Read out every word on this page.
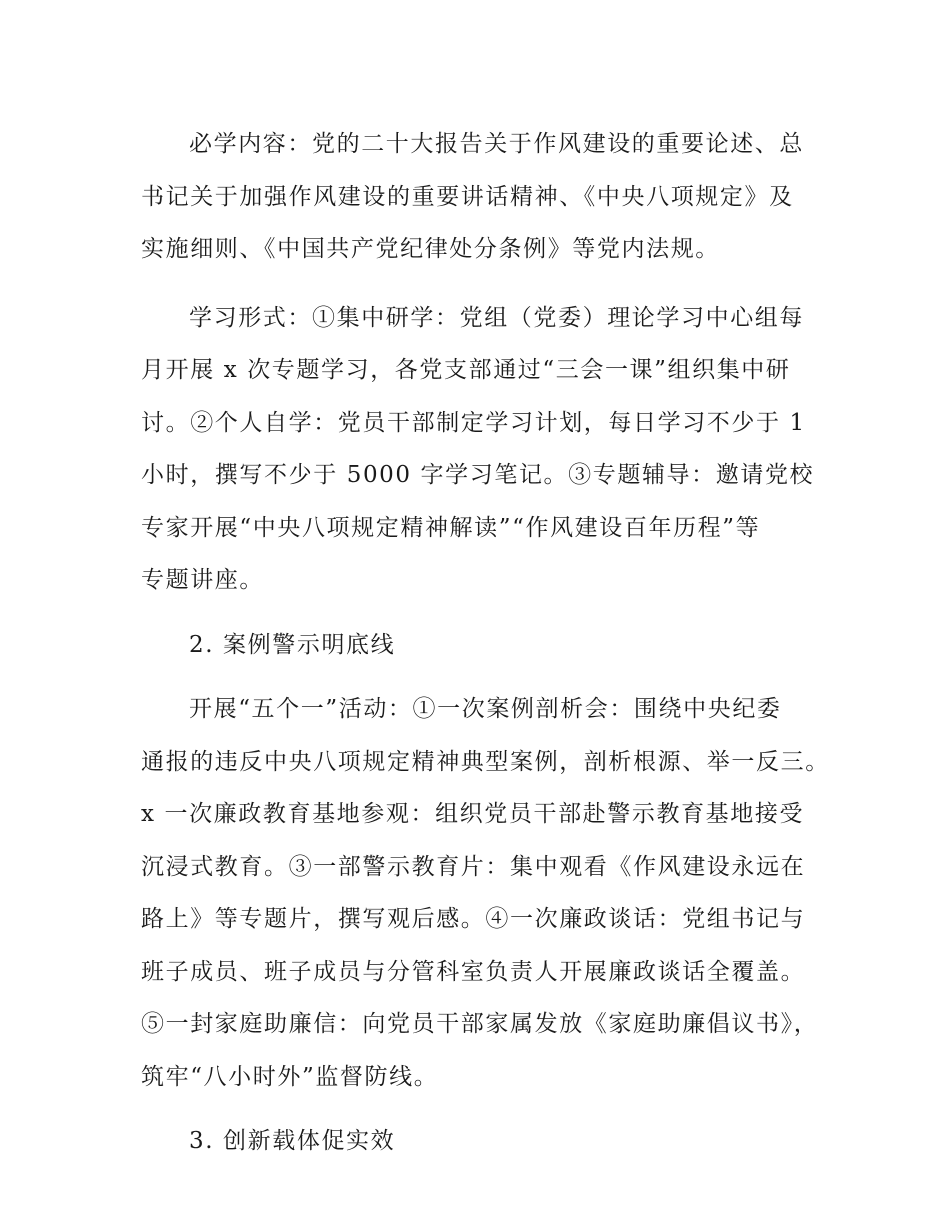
必学内容：党的二十大报告关于作风建设的重要论述、总
书记关于加强作风建设的重要讲话精神、《中央八项规定》及
实施细则、《中国共产党纪律处分条例》等党内法规。
学习形式：①集中研学：党组（党委）理论学习中心组每
月开展 x 次专题学习，各党支部通过“三会一课”组织集中研
讨。②个人自学：党员干部制定学习计划，每日学习不少于 1
小时，撰写不少于 5000 字学习笔记。③专题辅导：邀请党校
专家开展“中央八项规定精神解读”“作风建设百年历程”等
专题讲座。
2. 案例警示明底线
开展“五个一”活动：①一次案例剖析会：围绕中央纪委
通报的违反中央八项规定精神典型案例，剖析根源、举一反三。
x 一次廉政教育基地参观：组织党员干部赴警示教育基地接受
沉浸式教育。③一部警示教育片：集中观看《作风建设永远在
路上》等专题片，撰写观后感。④一次廉政谈话：党组书记与
班子成员、班子成员与分管科室负责人开展廉政谈话全覆盖。
⑤一封家庭助廉信：向党员干部家属发放《家庭助廉倡议书》，
筑牢“八小时外”监督防线。
3. 创新载体促实效
